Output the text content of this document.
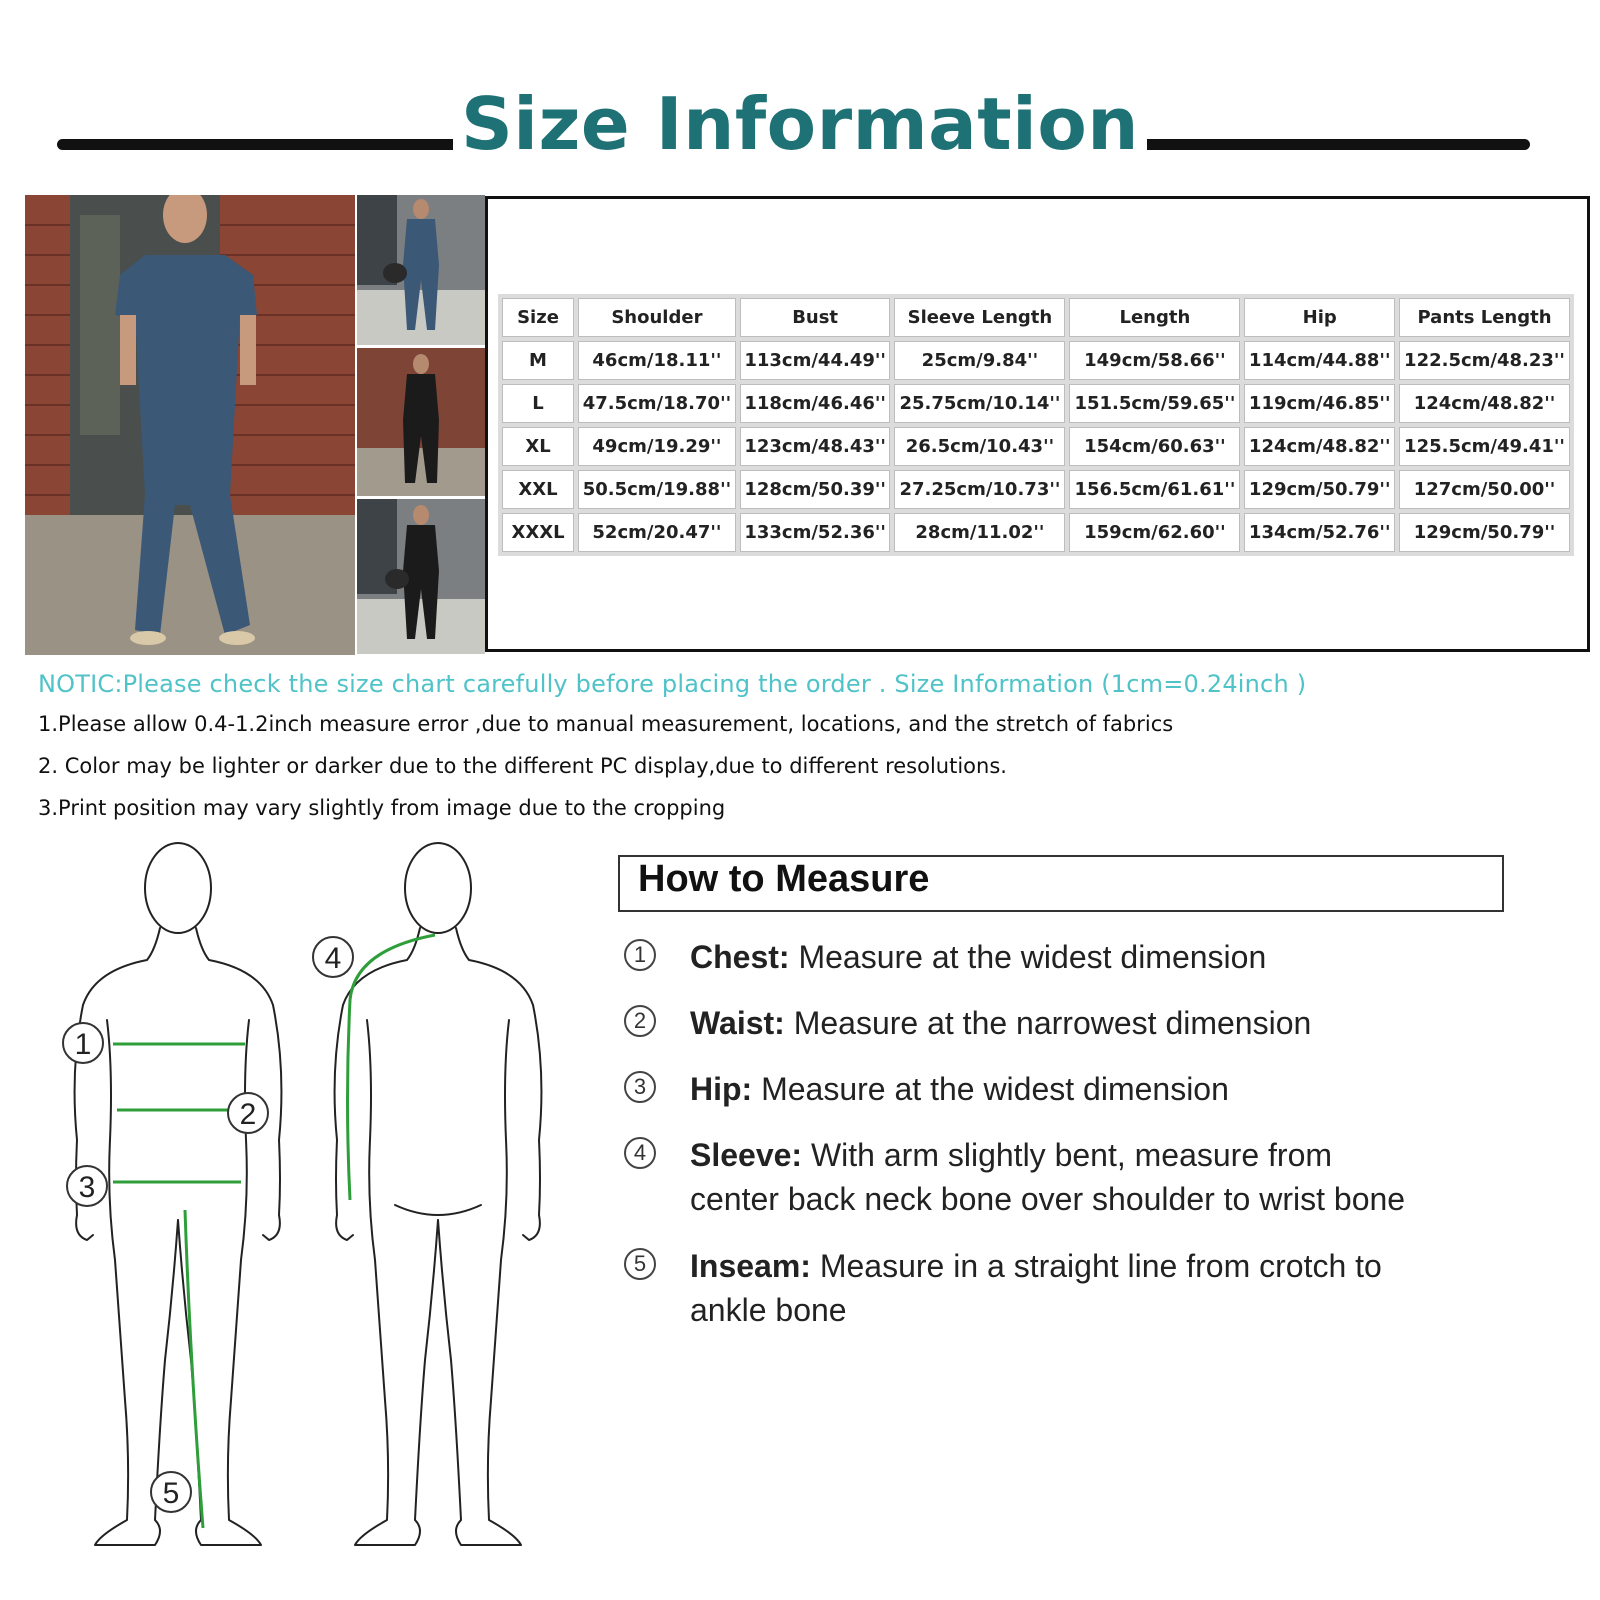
Size Information
Size	Shoulder	Bust	Sleeve Length	Length	Hip	Pants Length
M	46cm/18.11''	113cm/44.49''	25cm/9.84''	149cm/58.66''	114cm/44.88''	122.5cm/48.23''
L	47.5cm/18.70''	118cm/46.46''	25.75cm/10.14''	151.5cm/59.65''	119cm/46.85''	124cm/48.82''
XL	49cm/19.29''	123cm/48.43''	26.5cm/10.43''	154cm/60.63''	124cm/48.82''	125.5cm/49.41''
XXL	50.5cm/19.88''	128cm/50.39''	27.25cm/10.73''	156.5cm/61.61''	129cm/50.79''	127cm/50.00''
XXXL	52cm/20.47''	133cm/52.36''	28cm/11.02''	159cm/62.60''	134cm/52.76''	129cm/50.79''
NOTIC:Please check the size chart carefully before placing the order . Size Information (1cm=0.24inch )
1.Please allow 0.4-1.2inch measure error ,due to manual measurement, locations, and the stretch of fabrics
2. Color may be lighter or darker due to the different PC display,due to different resolutions.
3.Print position may vary slightly from image due to the cropping
1
2
3
4
5
How to Measure
1	Chest: Measure at the widest dimension
2	Waist: Measure at the narrowest dimension
3	Hip: Measure at the widest dimension
4	Sleeve: With arm slightly bent, measure from
center back neck bone over shoulder to wrist bone
5	Inseam: Measure in a straight line from crotch to
ankle bone
